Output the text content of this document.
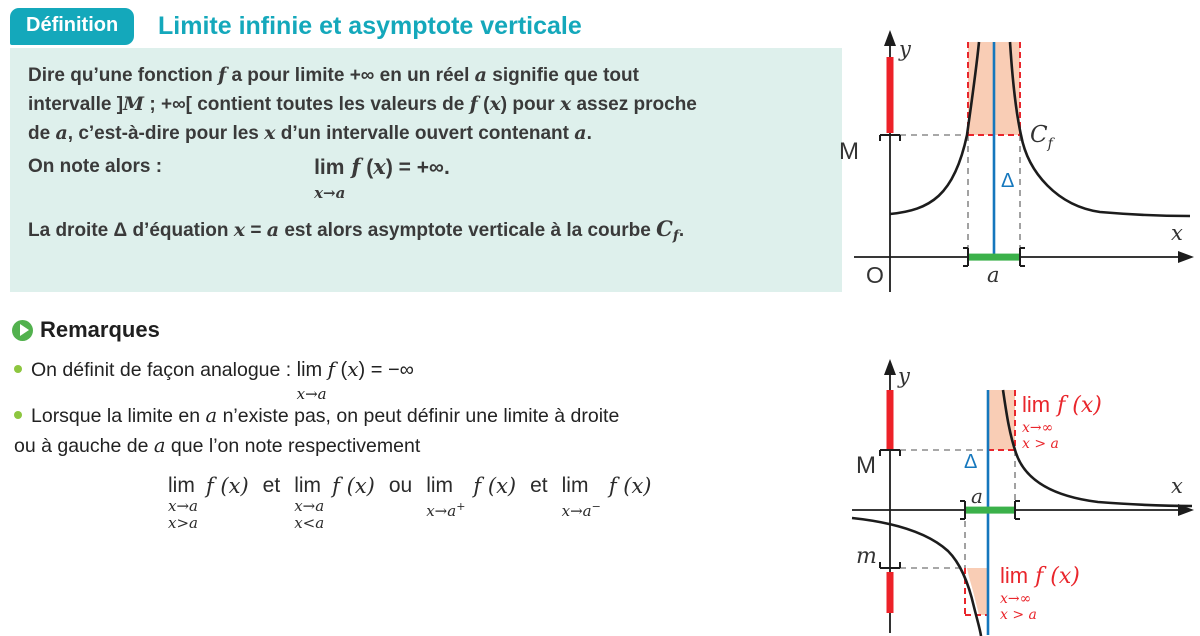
Définition	Limite infinie et asymptote verticale
Dire qu’une fonction f a pour limite +∞ en un réel a signifie que tout
intervalle ]M ; +∞[ contient toutes les valeurs de f (x) pour x assez proche
de a, c’est-à-dire pour les x d’un intervalle ouvert contenant a.
On note alors :	lim
x→a
f (x) = +∞.
La droite Δ d’équation x = a est alors asymptote verticale à la courbe $C_f$.
Remarques
On définit de façon analogue : lim
x→a
f (x) = −∞
Lorsque la limite en a n’existe pas, on peut définir une limite à droite
ou à gauche de a que l’on note respectivement
lim
x→a
x>a
f (x) et lim
x→a
x<a
f (x) ou lim
x→a+
f (x) et lim
x→a−
f (x)
y
x
O
M
a
Δ
Cf
y
x
M
m
a
Δ
lim f (x)
x→∞
x > a
lim f (x)
x→∞
x > a
